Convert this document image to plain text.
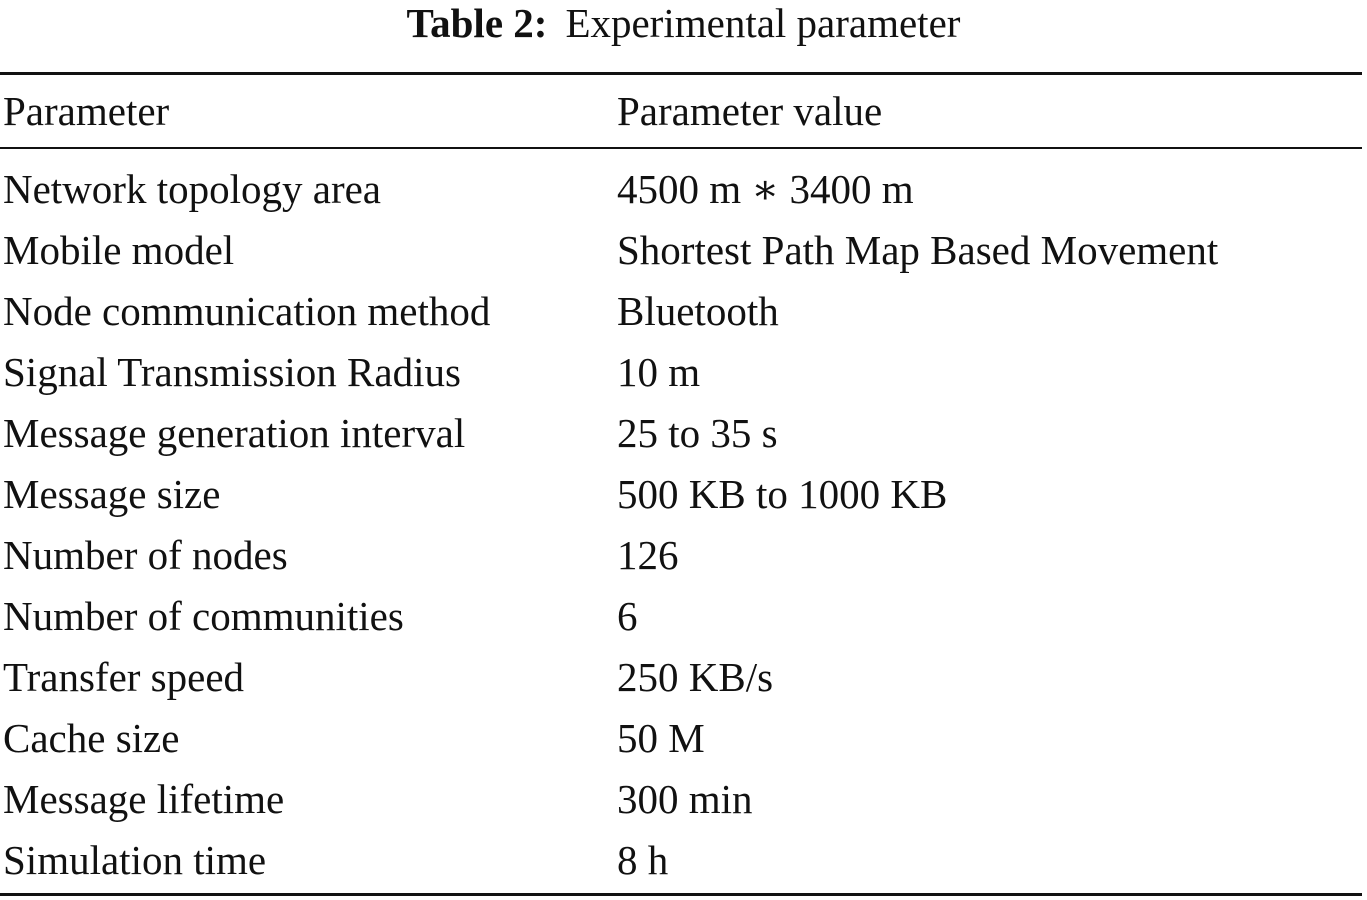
Table 2: Experimental parameter
Parameter	Parameter value
Network topology area	4500 m ∗ 3400 m
Mobile model	Shortest Path Map Based Movement
Node communication method	Bluetooth
Signal Transmission Radius	10 m
Message generation interval	25 to 35 s
Message size	500 KB to 1000 KB
Number of nodes	126
Number of communities	6
Transfer speed	250 KB/s
Cache size	50 M
Message lifetime	300 min
Simulation time	8 h
